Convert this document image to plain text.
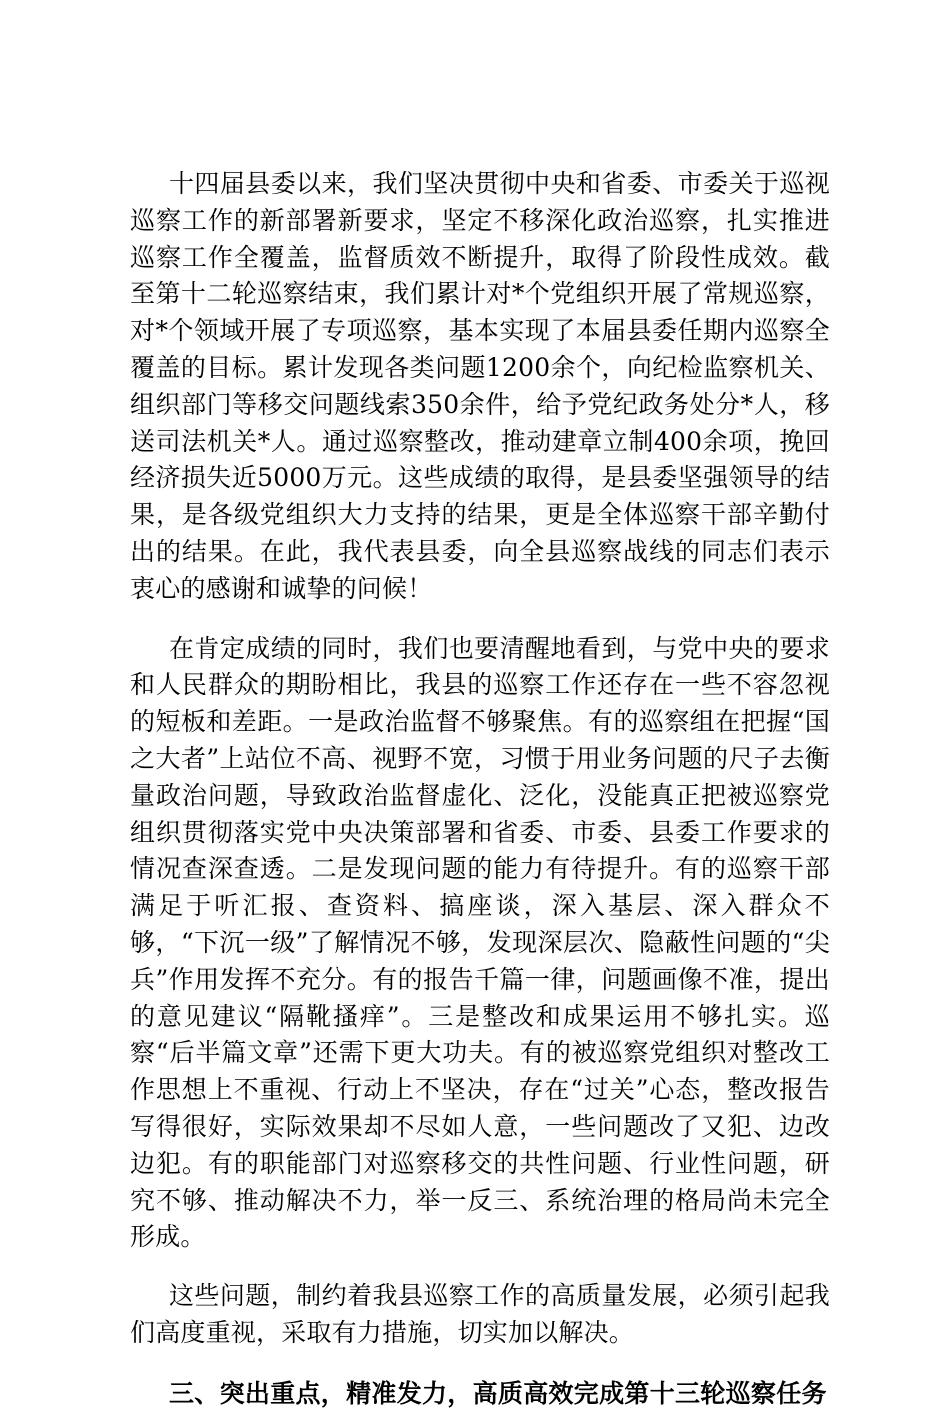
十四届县委以来，我们坚决贯彻中央和省委、市委关于巡视巡察工作的新部署新要求，坚定不移深化政治巡察，扎实推进巡察工作全覆盖，监督质效不断提升，取得了阶段性成效。截至第十二轮巡察结束，我们累计对*个党组织开展了常规巡察，对*个领域开展了专项巡察，基本实现了本届县委任期内巡察全覆盖的目标。累计发现各类问题1200余个，向纪检监察机关、组织部门等移交问题线索350余件，给予党纪政务处分*人，移送司法机关*人。通过巡察整改，推动建章立制400余项，挽回经济损失近5000万元。这些成绩的取得，是县委坚强领导的结果，是各级党组织大力支持的结果，更是全体巡察干部辛勤付出的结果。在此，我代表县委，向全县巡察战线的同志们表示衷心的感谢和诚挚的问候！

在肯定成绩的同时，我们也要清醒地看到，与党中央的要求和人民群众的期盼相比，我县的巡察工作还存在一些不容忽视的短板和差距。一是政治监督不够聚焦。有的巡察组在把握“国之大者”上站位不高、视野不宽，习惯于用业务问题的尺子去衡量政治问题，导致政治监督虚化、泛化，没能真正把被巡察党组织贯彻落实党中央决策部署和省委、市委、县委工作要求的情况查深查透。二是发现问题的能力有待提升。有的巡察干部满足于听汇报、查资料、搞座谈，深入基层、深入群众不够，“下沉一级”了解情况不够，发现深层次、隐蔽性问题的“尖兵”作用发挥不充分。有的报告千篇一律，问题画像不准，提出的意见建议“隔靴搔痒”。三是整改和成果运用不够扎实。巡察“后半篇文章”还需下更大功夫。有的被巡察党组织对整改工作思想上不重视、行动上不坚决，存在“过关”心态，整改报告写得很好，实际效果却不尽如人意，一些问题改了又犯、边改边犯。有的职能部门对巡察移交的共性问题、行业性问题，研究不够、推动解决不力，举一反三、系统治理的格局尚未完全形成。

这些问题，制约着我县巡察工作的高质量发展，必须引起我们高度重视，采取有力措施，切实加以解决。

三、突出重点，精准发力，高质高效完成第十三轮巡察任务
